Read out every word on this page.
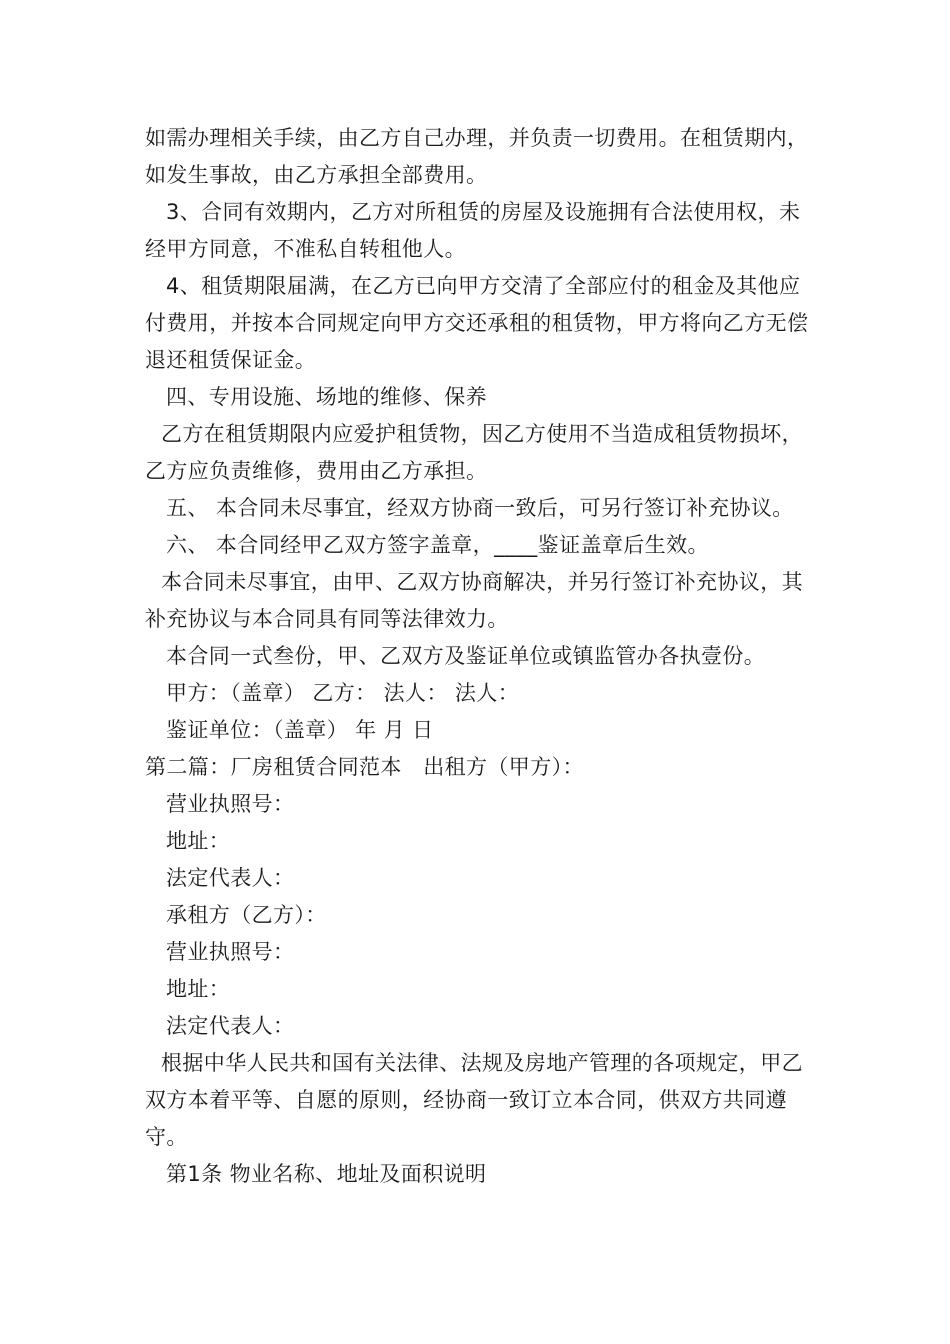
如需办理相关手续，由乙方自己办理，并负责一切费用。在租赁期内，如发生事故，由乙方承担全部费用。

3、合同有效期内，乙方对所租赁的房屋及设施拥有合法使用权，未经甲方同意，不准私自转租他人。

4、租赁期限届满，在乙方已向甲方交清了全部应付的租金及其他应付费用，并按本合同规定向甲方交还承租的租赁物，甲方将向乙方无偿退还租赁保证金。

四、专用设施、场地的维修、保养

乙方在租赁期限内应爱护租赁物，因乙方使用不当造成租赁物损坏，乙方应负责维修，费用由乙方承担。

五、 本合同未尽事宜，经双方协商一致后，可另行签订补充协议。

六、 本合同经甲乙双方签字盖章，____鉴证盖章后生效。

本合同未尽事宜，由甲、乙双方协商解决，并另行签订补充协议，其补充协议与本合同具有同等法律效力。

本合同一式叁份，甲、乙双方及鉴证单位或镇监管办各执壹份。

甲方：（盖章） 乙方： 法人： 法人：

鉴证单位：（盖章） 年 月 日

第二篇：厂房租赁合同范本　出租方（甲方）：

营业执照号：

地址：

法定代表人：

承租方（乙方）：

营业执照号：

地址：

法定代表人：

根据中华人民共和国有关法律、法规及房地产管理的各项规定，甲乙双方本着平等、自愿的原则，经协商一致订立本合同，供双方共同遵守。

第1条 物业名称、地址及面积说明
